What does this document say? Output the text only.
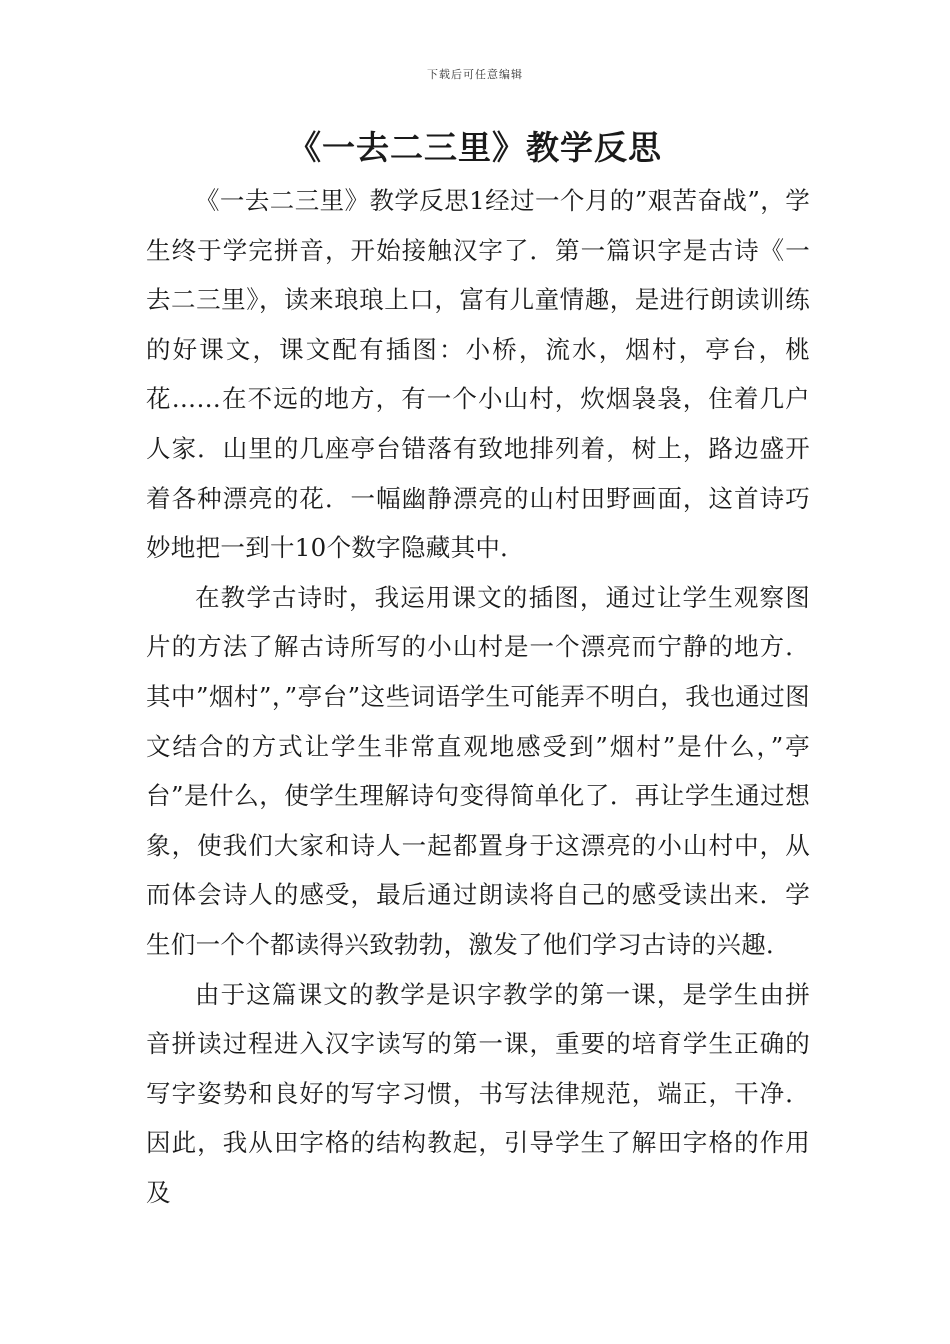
下载后可任意编辑
《一去二三里》教学反思

《一去二三里》教学反思1经过一个月的”艰苦奋战”，学生终于学完拼音，开始接触汉字了．第一篇识字是古诗《一去二三里》，读来琅琅上口，富有儿童情趣，是进行朗读训练的好课文，课文配有插图：小桥，流水，烟村，亭台，桃花……在不远的地方，有一个小山村，炊烟袅袅，住着几户人家．山里的几座亭台错落有致地排列着，树上，路边盛开着各种漂亮的花．一幅幽静漂亮的山村田野画面，这首诗巧妙地把一到十10个数字隐藏其中．

在教学古诗时，我运用课文的插图，通过让学生观察图片的方法了解古诗所写的小山村是一个漂亮而宁静的地方．其中”烟村”，”亭台”这些词语学生可能弄不明白，我也通过图文结合的方式让学生非常直观地感受到”烟村”是什么，”亭台”是什么，使学生理解诗句变得简单化了．再让学生通过想象，使我们大家和诗人一起都置身于这漂亮的小山村中，从而体会诗人的感受，最后通过朗读将自己的感受读出来．学生们一个个都读得兴致勃勃，激发了他们学习古诗的兴趣．

由于这篇课文的教学是识字教学的第一课，是学生由拼音拼读过程进入汉字读写的第一课，重要的培育学生正确的写字姿势和良好的写字习惯，书写法律规范，端正，干净．因此，我从田字格的结构教起，引导学生了解田字格的作用及
